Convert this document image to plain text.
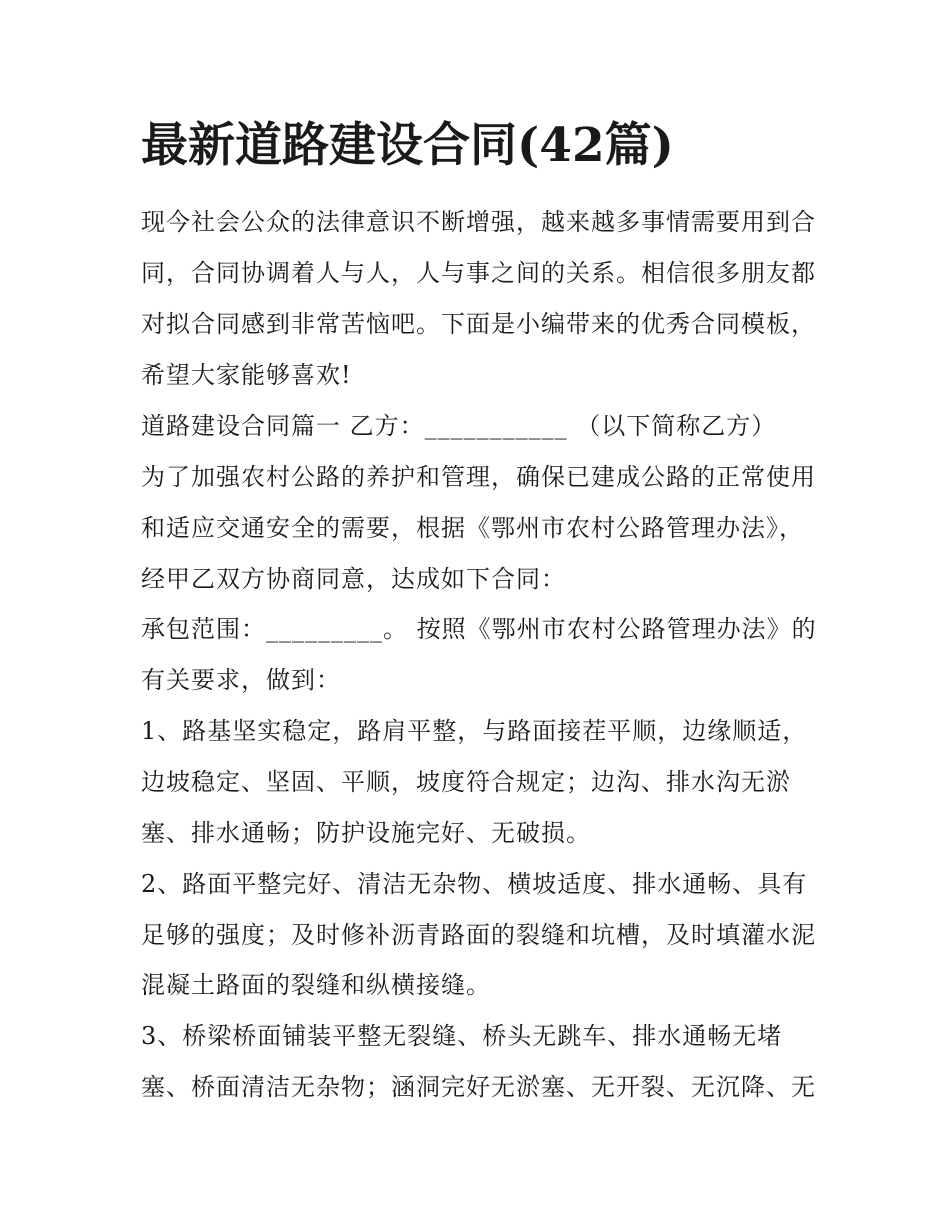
最新道路建设合同(42篇)
现今社会公众的法律意识不断增强，越来越多事情需要用到合
同，合同协调着人与人，人与事之间的关系。相信很多朋友都
对拟合同感到非常苦恼吧。下面是小编带来的优秀合同模板，
希望大家能够喜欢!
道路建设合同篇一 乙方：___________ （以下简称乙方）
为了加强农村公路的养护和管理，确保已建成公路的正常使用
和适应交通安全的需要，根据《鄂州市农村公路管理办法》，
经甲乙双方协商同意，达成如下合同：
承包范围：_________。 按照《鄂州市农村公路管理办法》的
有关要求，做到：
1、路基坚实稳定，路肩平整，与路面接茬平顺，边缘顺适，
边坡稳定、坚固、平顺，坡度符合规定；边沟、排水沟无淤
塞、排水通畅；防护设施完好、无破损。
2、路面平整完好、清洁无杂物、横坡适度、排水通畅、具有
足够的强度；及时修补沥青路面的裂缝和坑槽，及时填灌水泥
混凝土路面的裂缝和纵横接缝。
3、桥梁桥面铺装平整无裂缝、桥头无跳车、排水通畅无堵
塞、桥面清洁无杂物；涵洞完好无淤塞、无开裂、无沉降、无
